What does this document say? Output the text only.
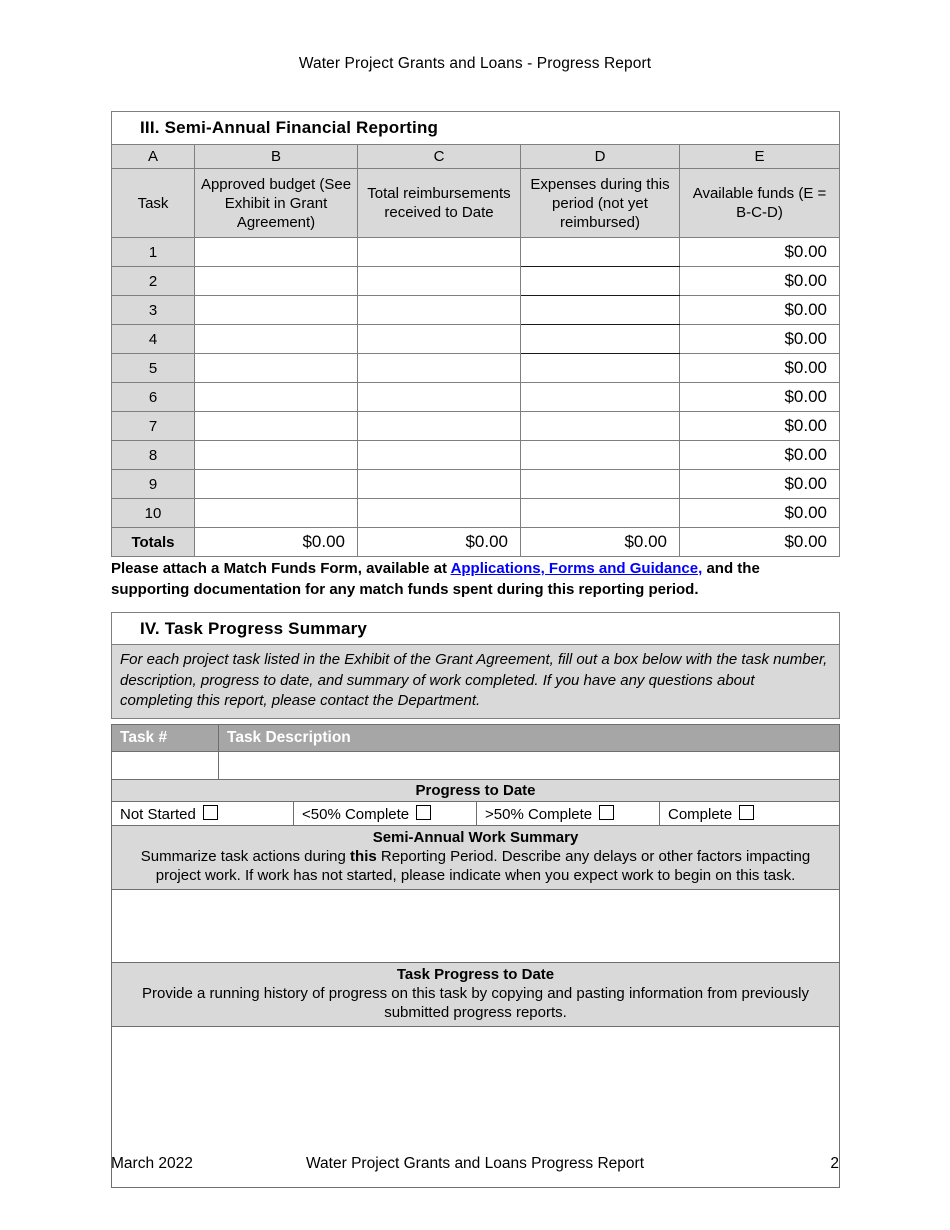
Water Project Grants and Loans - Progress Report
III. Semi-Annual Financial Reporting				
A	B	C	D	E
Task	Approved budget (See Exhibit in Grant Agreement)	Total reimbursements received to Date	Expenses during this period (not yet reimbursed)	Available funds (E = B-C-D)
1				$0.00
2				$0.00
3				$0.00
4				$0.00
5				$0.00
6				$0.00
7				$0.00
8				$0.00
9				$0.00
10				$0.00
Totals	$0.00	$0.00	$0.00	$0.00
Please attach a Match Funds Form, available at Applications, Forms and Guidance, and the supporting documentation for any match funds spent during this reporting period.
IV. Task Progress Summary
For each project task listed in the Exhibit of the Grant Agreement, fill out a box below with the task number, description, progress to date, and summary of work completed. If you have any questions about completing this report, please contact the Department.
Task #	Task Description			

Progress to Date				
Not Started		<50% Complete	>50% Complete	Complete

Semi-Annual Work Summary
Summarize task actions during this Reporting Period. Describe any delays or other factors impacting project work. If work has not started, please indicate when you expect work to begin on this task.				

Task Progress to Date
Provide a running history of progress on this task by copying and pasting information from previously submitted progress reports.				

March 2022	Water Project Grants and Loans Progress Report	2
